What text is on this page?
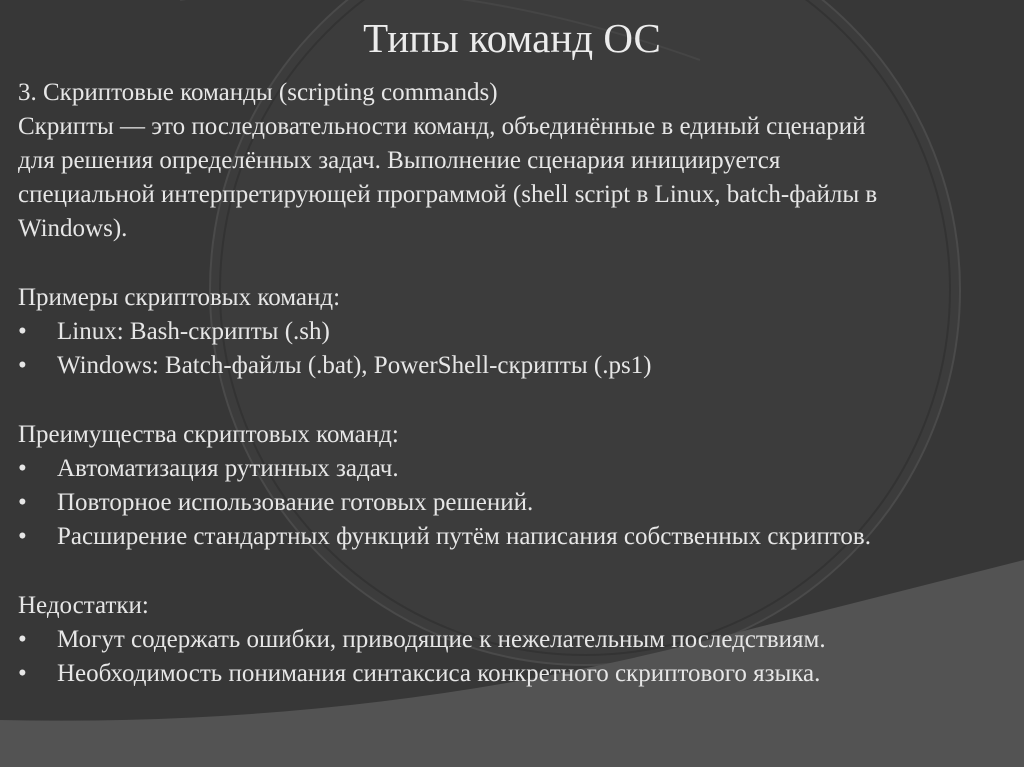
Типы команд ОС
3. Скриптовые команды (scripting commands)
Скрипты — это последовательности команд, объединённые в единый сценарий
для решения определённых задач. Выполнение сценария инициируется
специальной интерпретирующей программой (shell script в Linux, batch-файлы в
Windows).
Примеры скриптовых команд:
•	Linux: Bash-скрипты (.sh)
•	Windows: Batch-файлы (.bat), PowerShell-скрипты (.ps1)
Преимущества скриптовых команд:
•	Автоматизация рутинных задач.
•	Повторное использование готовых решений.
•	Расширение стандартных функций путём написания собственных скриптов.
Недостатки:
•	Могут содержать ошибки, приводящие к нежелательным последствиям.
•	Необходимость понимания синтаксиса конкретного скриптового языка.
